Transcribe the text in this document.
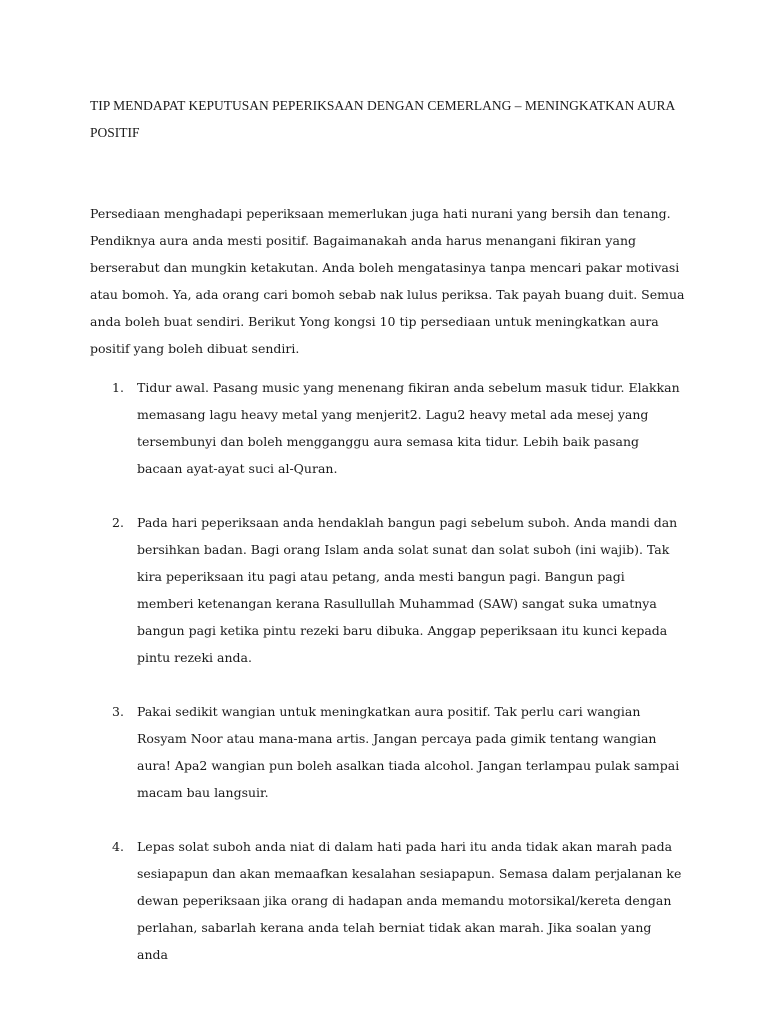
TIP MENDAPAT KEPUTUSAN PEPERIKSAAN DENGAN CEMERLANG – MENINGKATKAN AURA POSITIF

Persediaan menghadapi peperiksaan memerlukan juga hati nurani yang bersih dan tenang. Pendiknya aura anda mesti positif. Bagaimanakah anda harus menangani fikiran yang berserabut dan mungkin ketakutan. Anda boleh mengatasinya tanpa mencari pakar motivasi atau bomoh. Ya, ada orang cari bomoh sebab nak lulus periksa. Tak payah buang duit. Semua anda boleh buat sendiri. Berikut Yong kongsi 10 tip persediaan untuk meningkatkan aura positif yang boleh dibuat sendiri.

1. Tidur awal. Pasang music yang menenang fikiran anda sebelum masuk tidur. Elakkan memasang lagu heavy metal yang menjerit2. Lagu2 heavy metal ada mesej yang tersembunyi dan boleh mengganggu aura semasa kita tidur. Lebih baik pasang bacaan ayat-ayat suci al-Quran.
2. Pada hari peperiksaan anda hendaklah bangun pagi sebelum suboh. Anda mandi dan bersihkan badan. Bagi orang Islam anda solat sunat dan solat suboh (ini wajib). Tak kira peperiksaan itu pagi atau petang, anda mesti bangun pagi. Bangun pagi memberi ketenangan kerana Rasullullah Muhammad (SAW) sangat suka umatnya bangun pagi ketika pintu rezeki baru dibuka. Anggap peperiksaan itu kunci kepada pintu rezeki anda.
3. Pakai sedikit wangian untuk meningkatkan aura positif. Tak perlu cari wangian Rosyam Noor atau mana-mana artis. Jangan percaya pada gimik tentang wangian aura! Apa2 wangian pun boleh asalkan tiada alcohol. Jangan terlampau pulak sampai macam bau langsuir.
4. Lepas solat suboh anda niat di dalam hati pada hari itu anda tidak akan marah pada sesiapapun dan akan memaafkan kesalahan sesiapapun. Semasa dalam perjalanan ke dewan peperiksaan jika orang di hadapan anda memandu motorsikal/kereta dengan perlahan, sabarlah kerana anda telah berniat tidak akan marah. Jika soalan yang anda
